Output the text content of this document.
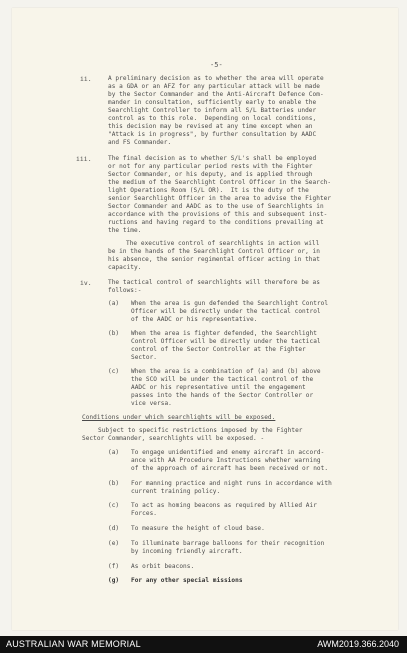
-5-
ii.	A preliminary decision as to whether the area will operate
as a GDA or an AFZ for any particular attack will be made
by the Sector Commander and the Anti-Aircraft Defence Com-
mander in consultation, sufficiently early to enable the
Searchlight Controller to inform all S/L Batteries under
control as to this role.  Depending on local conditions,
this decision may be revised at any time except when an
"Attack is in progress", by further consultation by AADC
and FS Commander.
iii.	The final decision as to whether S/L's shall be employed
or not for any particular period rests with the Fighter
Sector Commander, or his deputy, and is applied through
the medium of the Searchlight Control Officer in the Search-
light Operations Room (S/L OR).  It is the duty of the
senior Searchlight Officer in the area to advise the Fighter
Sector Commander and AADC as to the use of Searchlights in
accordance with the provisions of this and subsequent inst-
ructions and having regard to the conditions prevailing at
the time.
The executive control of searchlights in action will
be in the hands of the Searchlight Control Officer or, in
his absence, the senior regimental officer acting in that
capacity.
iv.	The tactical control of searchlights will therefore be as
follows:-
(a) When the area is gun defended the Searchlight Control
Officer will be directly under the tactical control
of the AADC or his representative.
(b) When the area is fighter defended, the Searchlight
Control Officer will be directly under the tactical
control of the Sector Controller at the Fighter
Sector.
(c) When the area is a combination of (a) and (b) above
the SCO will be under the tactical control of the
AADC or his representative until the engagement
passes into the hands of the Sector Controller or
vice versa.
Conditions under which searchlights will be exposed.
Subject to specific restrictions imposed by the Fighter
Sector Commander, searchlights will be exposed. -
(a) To engage unidentified and enemy aircraft in accord-
ance with AA Procedure Instructions whether warning
of the approach of aircraft has been received or not.
(b) For manning practice and night runs in accordance with
current training policy.
(c) To act as homing beacons as required by Allied Air
Forces.
(d) To measure the height of cloud base.
(e) To illuminate barrage balloons for their recognition
by incoming friendly aircraft.
(f) As orbit beacons.
(g) For any other special missions
AUSTRALIAN WAR MEMORIAL	AWM2019.366.2040
